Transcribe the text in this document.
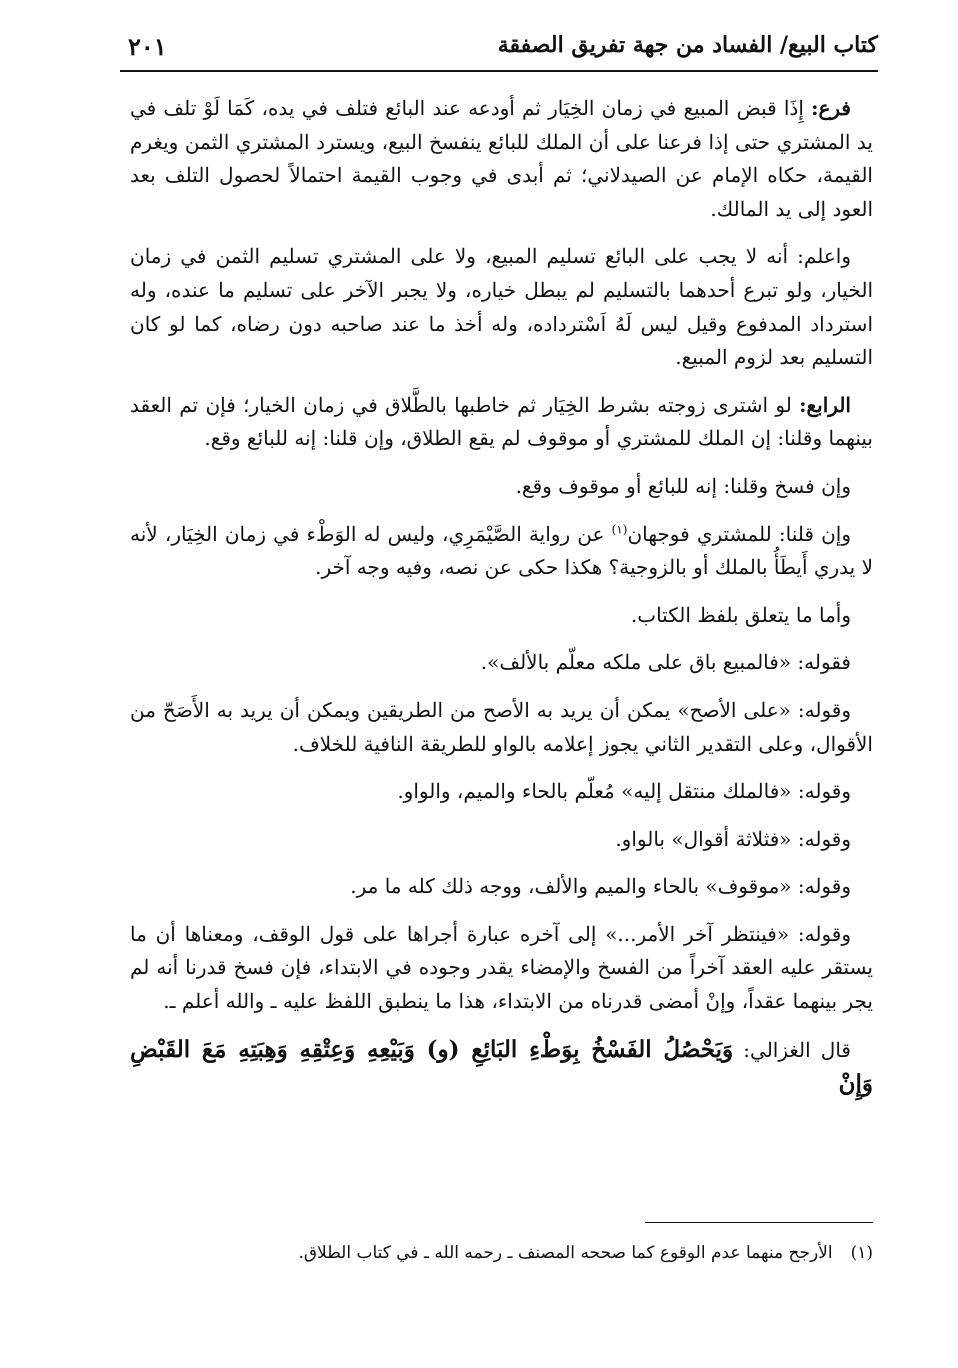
كتاب البيع/ الفساد من جهة تفريق الصفقة
٢٠١

فرع: إِذَا قبض المبيع في زمان الخِيَار ثم أودعه عند البائع فتلف في يده، كَمَا لَوْ تلف في يد المشتري حتى إذا فرعنا على أن الملك للبائع ينفسخ البيع، ويسترد المشتري الثمن ويغرم القيمة، حكاه الإمام عن الصيدلاني؛ ثم أبدى في وجوب القيمة احتمالاً لحصول التلف بعد العود إلى يد المالك.

واعلم: أنه لا يجب على البائع تسليم المبيع، ولا على المشتري تسليم الثمن في زمان الخيار، ولو تبرع أحدهما بالتسليم لم يبطل خياره، ولا يجبر الآخر على تسليم ما عنده، وله استرداد المدفوع وقيل ليس لَهُ اَسْترداده، وله أخذ ما عند صاحبه دون رضاه، كما لو كان التسليم بعد لزوم المبيع.

الرابع: لو اشترى زوجته بشرط الخِيَار ثم خاطبها بالطَّلاق في زمان الخيار؛ فإن تم العقد بينهما وقلنا: إن الملك للمشتري أو موقوف لم يقع الطلاق، وإن قلنا: إنه للبائع وقع.

وإن فسخ وقلنا: إنه للبائع أو موقوف وقع.

وإن قلنا: للمشتري فوجهان$^{(١)}$ عن رواية الصَّيْمَرِي، وليس له الوَطْء في زمان الخِيَار، لأنه لا يدري أَيطَأُ بالملك أو بالزوجية؟ هكذا حكى عن نصه، وفيه وجه آخر.

وأما ما يتعلق بلفظ الكتاب.

فقوله: «فالمبيع باق على ملكه معلّم بالألف».

وقوله: «على الأصح» يمكن أن يريد به الأصح من الطريقين ويمكن أن يريد به الأَصَحّ من الأقوال، وعلى التقدير الثاني يجوز إعلامه بالواو للطريقة النافية للخلاف.

وقوله: «فالملك منتقل إليه» مُعلّم بالحاء والميم، والواو.

وقوله: «فثلاثة أقوال» بالواو.

وقوله: «موقوف» بالحاء والميم والألف، ووجه ذلك كله ما مر.

وقوله: «فينتظر آخر الأمر...» إلى آخره عبارة أجراها على قول الوقف، ومعناها أن ما يستقر عليه العقد آخراً من الفسخ والإمضاء يقدر وجوده في الابتداء، فإن فسخ قدرنا أنه لم يجر بينهما عقداً، وإنْ أمضى قدرناه من الابتداء، هذا ما ينطبق اللفظ عليه ـ والله أعلم ـ.

قال الغزالي: وَيَحْصُلُ الفَسْخُ بِوَطْءِ البَائِعِ (و) وَبَيْعِهِ وَعِتْقِهِ وَهِبَتِهِ مَعَ القَبْضِ وَإِنْ

(١)الأرجح منهما عدم الوقوع كما صححه المصنف ـ رحمه الله ـ في كتاب الطلاق.
